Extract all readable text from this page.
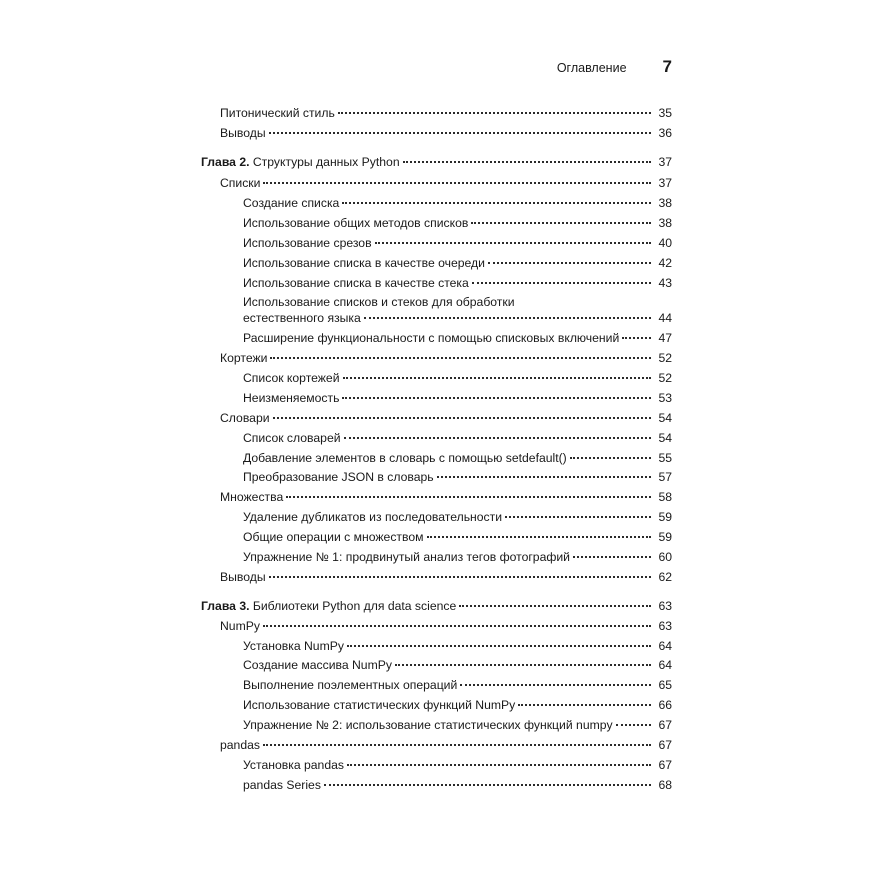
Оглавление 7
Питонический стиль	35
Выводы	36
Глава 2. Структуры данных Python	37
Списки	37
Создание списка	38
Использование общих методов списков	38
Использование срезов	40
Использование списка в качестве очереди	42
Использование списка в качестве стека	43
Использование списков и стеков для обработки
естественного языка	44
Расширение функциональности с помощью списковых включений	47
Кортежи	52
Список кортежей	52
Неизменяемость	53
Словари	54
Список словарей	54
Добавление элементов в словарь с помощью setdefault()	55
Преобразование JSON в словарь	57
Множества	58
Удаление дубликатов из последовательности	59
Общие операции с множеством	59
Упражнение № 1: продвинутый анализ тегов фотографий	60
Выводы	62
Глава 3. Библиотеки Python для data science	63
NumPy	63
Установка NumPy	64
Создание массива NumPy	64
Выполнение поэлементных операций	65
Использование статистических функций NumPy	66
Упражнение № 2: использование статистических функций numpy	67
pandas	67
Установка pandas	67
pandas Series	68
